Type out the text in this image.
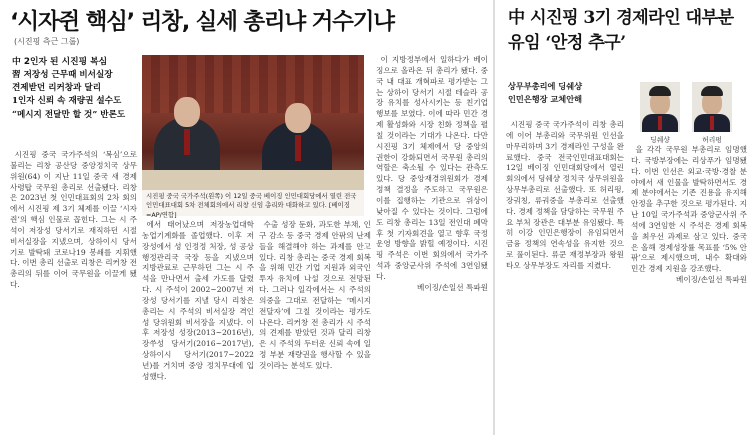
‘시자쥔 핵심’ 리창, 실세 총리냐 거수기냐
(시진핑 측근 그룹)
中 2인자 된 시진핑 복심
習 저장성 근무때 비서실장
견제받던 리커창과 달리
1인자 신뢰 속 재량권 설수도
“메시지 전달만 할 것” 반론도
시진핑 중국 국가주석(왼쪽) 이 12일 중국 베이징 인민대회당에서 열린 전국인민대표대회 5차 전체회의에서 리창 신임 총리와 대화하고 있다. [베이징=AP/연합]

시진핑 중국 국가주석의 ‘복심’으로 불리는 리창 공산당 중앙정치국 상무위원(64) 이 지난 11일 중국 새 경제 사령탑 국무원 총리로 선출됐다. 리창은 2023년 첫 인민대표회의 2차 회의에서 시진핑 제 3기 체제를 이끌 ‘시자쥔’의 핵심 인물로 꼽힌다. 그는 시 주석이 저장성 당서기로 재직하던 시절 비서실장을 지냈으며, 상하이시 당서기로 발탁돼 코로나19 봉쇄를 지휘했다. 이번 총리 선출로 리창은 리커창 전 총리의 뒤를 이어 국무원을 이끌게 됐다.

에서 태어났으며 저장농업대학 농업기계화를 졸업했다. 이후 저장성에서 성 인정정 처장, 성 공상행정관리국 국장 등을 지냈으며 지방관료로 근무하던 그는 시 주석을 만나면서 출세 가도를 달렸다. 시 주석이 2002~2007년 저장성 당서기를 지낼 당시 리창은 총리는 시 주석의 비서실장 격인 성 당위원회 비서장을 지냈다. 이후 저장성 성장(2013~2016년), 장쑤성 당서기(2016~2017년), 상하이시 당서기(2017~2022년)를 거치며 중앙 정치무대에 입성했다.

수출 성장 둔화, 과도한 부채, 인구 감소 등 중국 경제 안팎의 난제들을 해결해야 하는 과제를 안고 있다. 리창 총리는 중국 경제 회복을 위해 민간 기업 지원과 외국인 투자 유치에 나설 것으로 전망된다. 그러나 일각에서는 시 주석의 의중을 그대로 전달하는 ‘메시지 전달자’에 그칠 것이라는 평가도 나온다. 리커창 전 총리가 시 주석의 견제를 받았던 것과 달리 리창은 시 주석의 두터운 신뢰 속에 일정 부분 재량권을 행사할 수 있을 것이라는 분석도 있다.

이 지방정부에서 일하다가 베이징으로 올라온 뒤 총리가 됐다. 중국 내 대표 개혁파로 평가받는 그는 상하이 당서기 시절 테슬라 공장 유치를 성사시키는 등 친기업 행보를 보였다. 이에 따라 민간 경제 활성화와 시장 친화 정책을 펼칠 것이라는 기대가 나온다. 다만 시진핑 3기 체제에서 당 중앙의 권한이 강화되면서 국무원 총리의 역할은 축소될 수 있다는 관측도 있다. 당 중앙재경위원회가 경제 정책 결정을 주도하고 국무원은 이를 집행하는 기관으로 위상이 낮아질 수 있다는 것이다. 그럼에도 리창 총리는 13일 전인대 폐막 후 첫 기자회견을 열고 향후 국정 운영 방향을 밝힐 예정이다. 시진핑 주석은 이번 회의에서 국가주석과 중앙군사위 주석에 3연임됐다.

베이징/손일선 특파원

中 시진핑 3기 경제라인 대부분 유임 ‘안정 추구’
상무부총리에 딩쉐샹
인민은행장 교체안해
딩쉐샹	허리펑

시진핑 중국 국가주석이 리창 총리에 이어 부총리와 국무위원 인선을 마무리하며 3기 경제라인 구성을 완료했다. 중국 전국인민대표대회는 12일 베이징 인민대회당에서 열린 회의에서 딩쉐샹 정치국 상무위원을 상무부총리로 선출했다. 또 허리펑, 장궈칭, 류궈중을 부총리로 선출했다. 경제 정책을 담당하는 국무원 주요 부처 장관은 대부분 유임됐다. 특히 이강 인민은행장이 유임되면서 금융 정책의 연속성을 유지한 것으로 풀이된다. 류쿤 재정부장과 왕원타오 상무부장도 자리를 지켰다.

을 각각 국무원 부총리로 임명했다. 국방부장에는 리상푸가 임명됐다. 이번 인선은 외교·국방·경찰 분야에서 새 인물을 발탁하면서도 경제 분야에서는 기존 진용을 유지해 안정을 추구한 것으로 평가된다. 지난 10일 국가주석과 중앙군사위 주석에 3연임한 시 주석은 경제 회복을 최우선 과제로 삼고 있다. 중국은 올해 경제성장률 목표를 ‘5% 안팎’으로 제시했으며, 내수 확대와 민간 경제 지원을 강조했다.

베이징/손일선 특파원
